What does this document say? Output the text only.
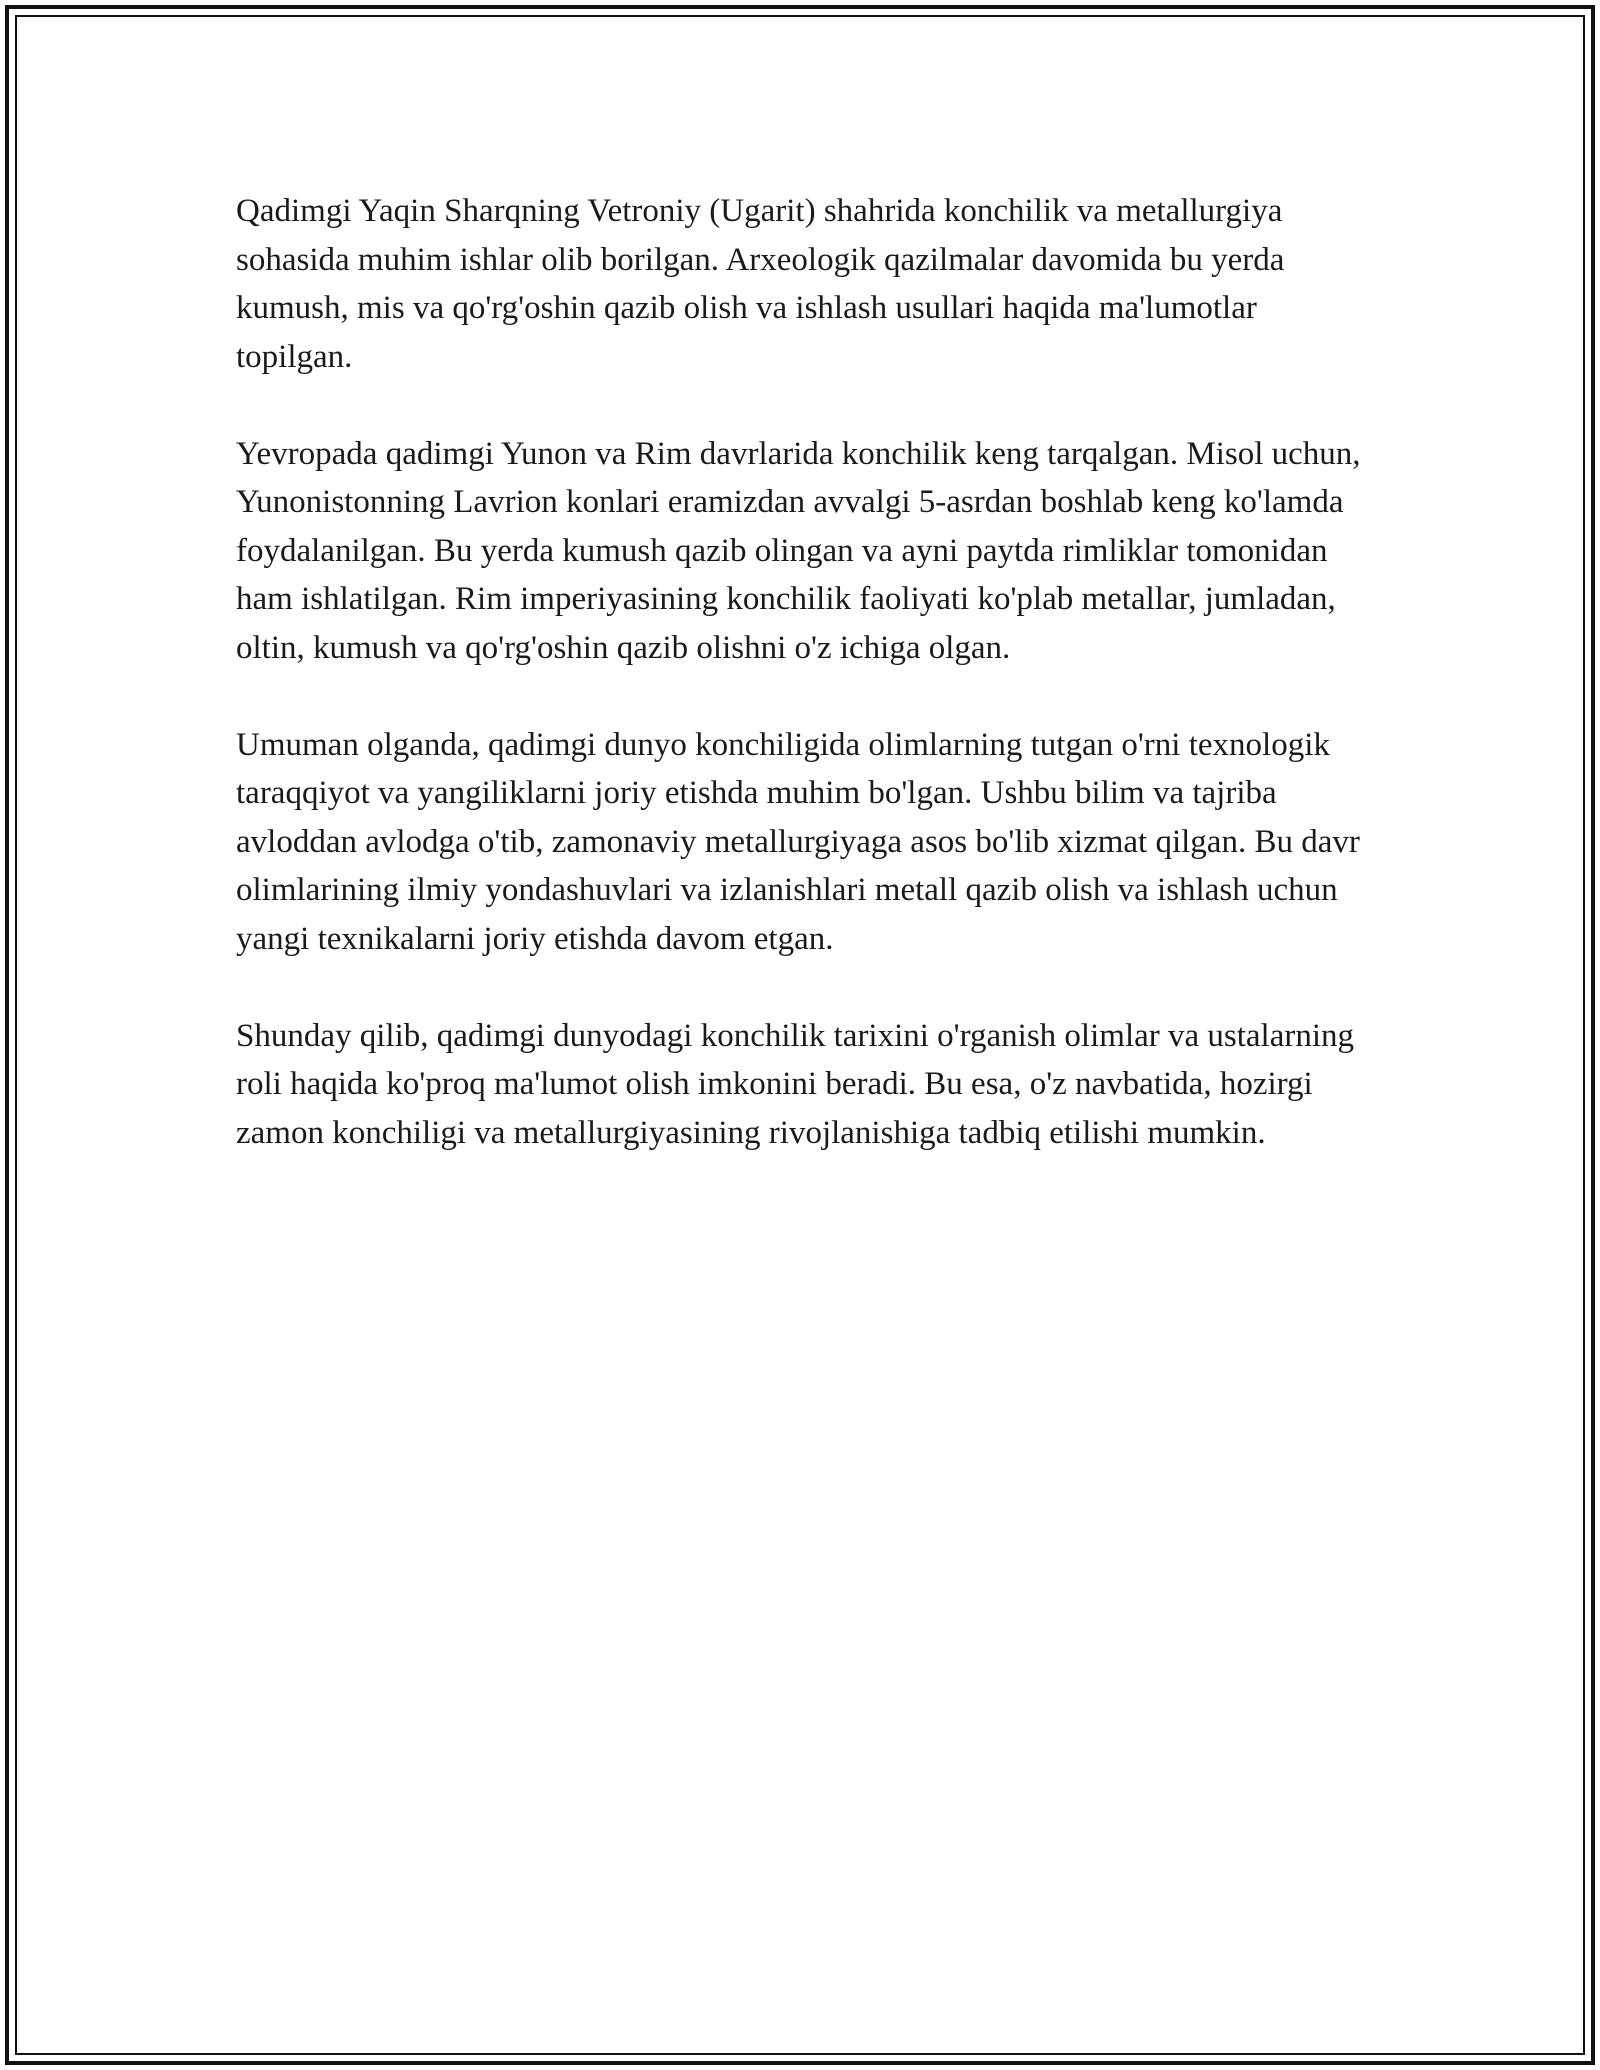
Qadimgi Yaqin Sharqning Vetroniy (Ugarit) shahrida konchilik va metallurgiya sohasida muhim ishlar olib borilgan. Arxeologik qazilmalar davomida bu yerda kumush, mis va qo'rg'oshin qazib olish va ishlash usullari haqida ma'lumotlar topilgan.

Yevropada qadimgi Yunon va Rim davrlarida konchilik keng tarqalgan. Misol uchun, Yunonistonning Lavrion konlari eramizdan avvalgi 5-asrdan boshlab keng ko'lamda foydalanilgan. Bu yerda kumush qazib olingan va ayni paytda rimliklar tomonidan ham ishlatilgan. Rim imperiyasining konchilik faoliyati ko'plab metallar, jumladan, oltin, kumush va qo'rg'oshin qazib olishni o'z ichiga olgan.

Umuman olganda, qadimgi dunyo konchiligida olimlarning tutgan o'rni texnologik taraqqiyot va yangiliklarni joriy etishda muhim bo'lgan. Ushbu bilim va tajriba avloddan avlodga o'tib, zamonaviy metallurgiyaga asos bo'lib xizmat qilgan. Bu davr olimlarining ilmiy yondashuvlari va izlanishlari metall qazib olish va ishlash uchun yangi texnikalarni joriy etishda davom etgan.

Shunday qilib, qadimgi dunyodagi konchilik tarixini o'rganish olimlar va ustalarning roli haqida ko'proq ma'lumot olish imkonini beradi. Bu esa, o'z navbatida, hozirgi zamon konchiligi va metallurgiyasining rivojlanishiga tadbiq etilishi mumkin.
